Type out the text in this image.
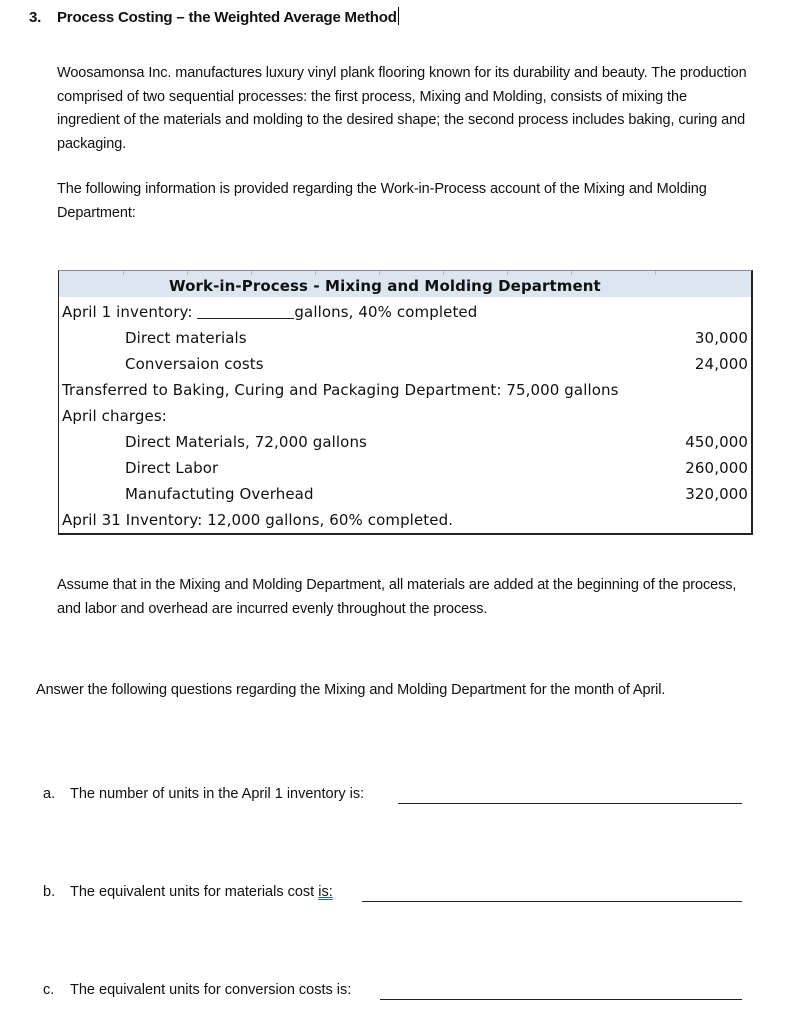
3. Process Costing – the Weighted Average Method

Woosamonsa Inc. manufactures luxury vinyl plank flooring known for its durability and beauty. The production comprised of two sequential processes: the first process, Mixing and Molding, consists of mixing the ingredient of the materials and molding to the desired shape; the second process includes baking, curing and packaging.

The following information is provided regarding the Work-in-Process account of the Mixing and Molding Department:

Work-in-Process - Mixing and Molding Department
April 1 inventory:	gallons, 40% completed
Direct materials	30,000
Conversaion costs	24,000
Transferred to Baking, Curing and Packaging Department: 75,000 gallons
April charges:
Direct Materials, 72,000 gallons	450,000
Direct Labor	260,000
Manufactuting Overhead	320,000
April 31 Inventory: 12,000 gallons, 60% completed.
Assume that in the Mixing and Molding Department, all materials are added at the beginning of the process, and labor and overhead are incurred evenly throughout the process.
Answer the following questions regarding the Mixing and Molding Department for the month of April.
a. The number of units in the April 1 inventory is:
b. The equivalent units for materials cost is:
c. The equivalent units for conversion costs is:
